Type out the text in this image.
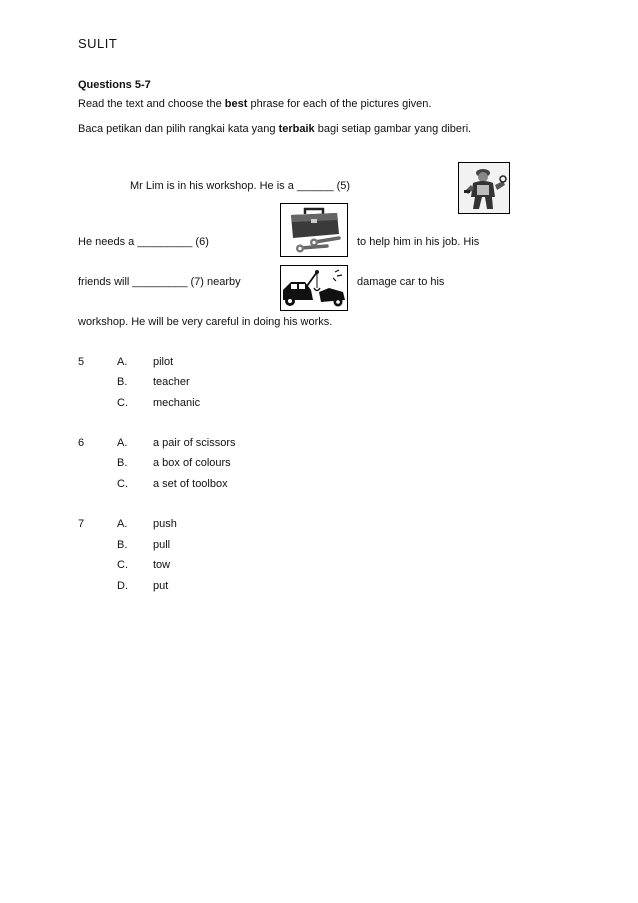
SULIT
Questions 5-7
Read the text and choose the best phrase for each of the pictures given.
Baca petikan dan pilih rangkai kata yang terbaik bagi setiap gambar yang diberi.
Mr Lim is in his workshop. He is a ______ (5)
He needs a _________ (6)	to help him in his job. His
friends will _________ (7) nearby	damage car to his
workshop. He will be very careful in doing his works.
5	A. pilot
B. teacher
C. mechanic
6	A. a pair of scissors
B. a box of colours
C. a set of toolbox
7	A. push
B. pull
C. tow
D. put
